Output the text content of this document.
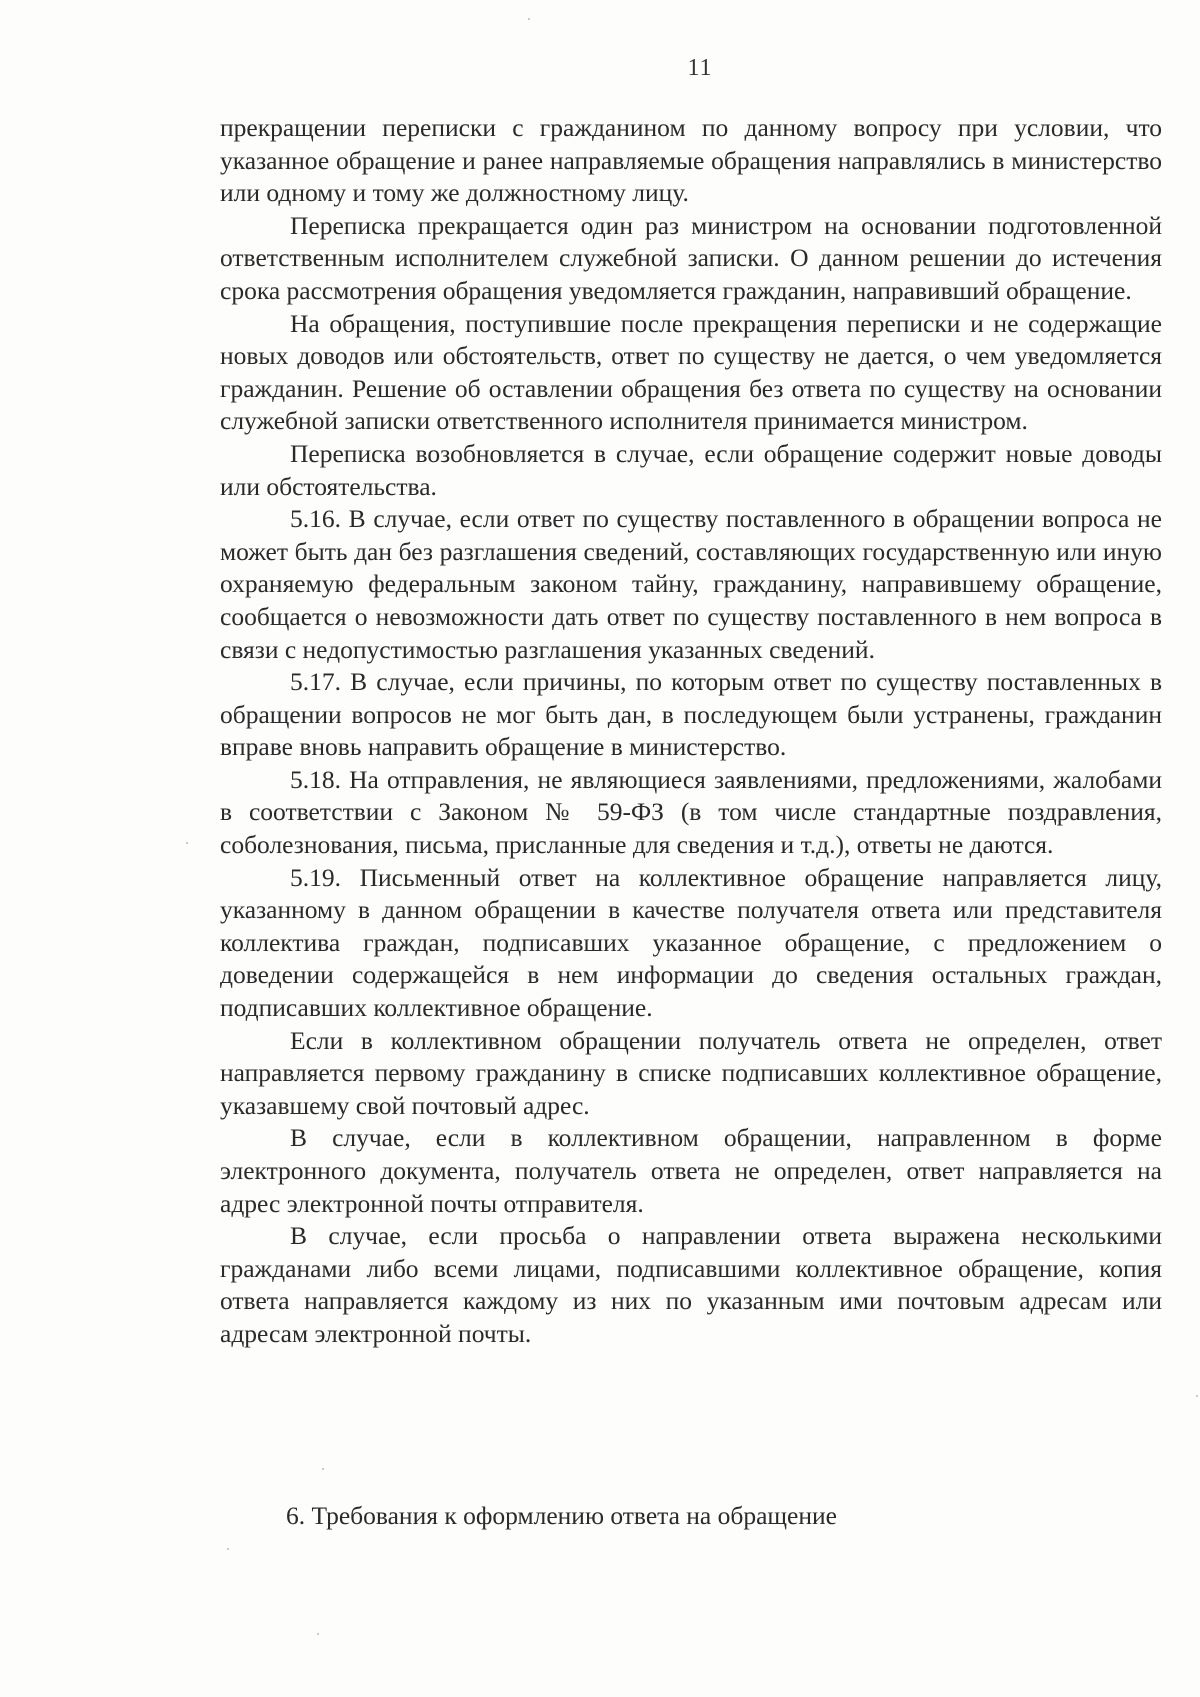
11

прекращении переписки с гражданином по данному вопросу при условии, что указанное обращение и ранее направляемые обращения направлялись в министерство или одному и тому же должностному лицу.

Переписка прекращается один раз министром на основании подготовленной ответственным исполнителем служебной записки. О данном решении до истечения срока рассмотрения обращения уведомляется гражданин, направивший обращение.

На обращения, поступившие после прекращения переписки и не содержащие новых доводов или обстоятельств, ответ по существу не дается, о чем уведомляется гражданин. Решение об оставлении обращения без ответа по существу на основании служебной записки ответственного исполнителя принимается министром.

Переписка возобновляется в случае, если обращение содержит новые доводы или обстоятельства.

5.16. В случае, если ответ по существу поставленного в обращении вопроса не может быть дан без разглашения сведений, составляющих государственную или иную охраняемую федеральным законом тайну, гражданину, направившему обращение, сообщается о невозможности дать ответ по существу поставленного в нем вопроса в связи с недопустимостью разглашения указанных сведений.

5.17. В случае, если причины, по которым ответ по существу поставленных в обращении вопросов не мог быть дан, в последующем были устранены, гражданин вправе вновь направить обращение в министерство.

5.18. На отправления, не являющиеся заявлениями, предложениями, жалобами в соответствии с Законом № 59-ФЗ (в том числе стандартные поздравления, соболезнования, письма, присланные для сведения и т.д.), ответы не даются.

5.19. Письменный ответ на коллективное обращение направляется лицу, указанному в данном обращении в качестве получателя ответа или представителя коллектива граждан, подписавших указанное обращение, с предложением о доведении содержащейся в нем информации до сведения остальных граждан, подписавших коллективное обращение.

Если в коллективном обращении получатель ответа не определен, ответ направляется первому гражданину в списке подписавших коллективное обращение, указавшему свой почтовый адрес.

В случае, если в коллективном обращении, направленном в форме электронного документа, получатель ответа не определен, ответ направляется на адрес электронной почты отправителя.

В случае, если просьба о направлении ответа выражена несколькими гражданами либо всеми лицами, подписавшими коллективное обращение, копия ответа направляется каждому из них по указанным ими почтовым адресам или адресам электронной почты.

6. Требования к оформлению ответа на обращение
